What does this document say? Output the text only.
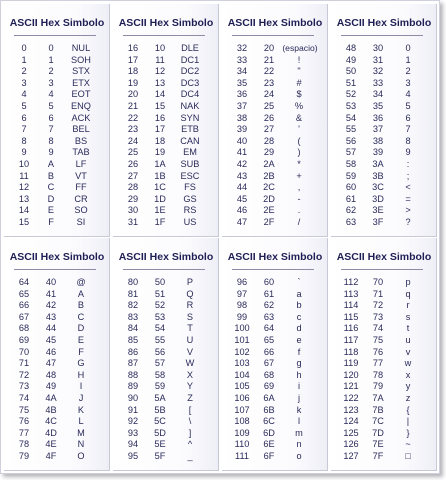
ASCII Hex Simbolo
0	0	NUL
1	1	SOH
2	2	STX
3	3	ETX
4	4	EOT
5	5	ENQ
6	6	ACK
7	7	BEL
8	8	BS
9	9	TAB
10	A	LF
11	B	VT
12	C	FF
13	D	CR
14	E	SO
15	F	SI
ASCII Hex Simbolo
16	10	DLE
17	11	DC1
18	12	DC2
19	13	DC3
20	14	DC4
21	15	NAK
22	16	SYN
23	17	ETB
24	18	CAN
25	19	EM
26	1A	SUB
27	1B	ESC
28	1C	FS
29	1D	GS
30	1E	RS
31	1F	US
ASCII Hex Simbolo
32	20 (espacio)
33	21	!
34	22	"
35	23	#
36	24	$
37	25	%
38	26	&
39	27	'
40	28	(
41	29	)
42	2A	*
43	2B	+
44	2C	,
45	2D	-
46	2E	.
47	2F	/
ASCII Hex Simbolo
48	30	0
49	31	1
50	32	2
51	33	3
52	34	4
53	35	5
54	36	6
55	37	7
56	38	8
57	39	9
58	3A	:
59	3B	;
60	3C	<
61	3D	=
62	3E	>
63	3F	?
ASCII Hex Simbolo
64	40	@
65	41	A
66	42	B
67	43	C
68	44	D
69	45	E
70	46	F
71	47	G
72	48	H
73	49	I
74	4A	J
75	4B	K
76	4C	L
77	4D	M
78	4E	N
79	4F	O
ASCII Hex Simbolo
80	50	P
81	51	Q
82	52	R
83	53	S
84	54	T
85	55	U
86	56	V
87	57	W
88	58	X
89	59	Y
90	5A	Z
91	5B	[
92	5C	\
93	5D	]
94	5E	^
95	5F	_
ASCII Hex Simbolo
96	60	`
97	61	a
98	62	b
99	63	c
100	64	d
101	65	e
102	66	f
103	67	g
104	68	h
105	69	i
106	6A	j
107	6B	k
108	6C	l
109	6D	m
110	6E	n
111	6F	o
ASCII Hex Simbolo
112	70	p
113	71	q
114	72	r
115	73	s
116	74	t
117	75	u
118	76	v
119	77	w
120	78	x
121	79	y
122	7A	z
123	7B	{
124	7C	|
125	7D	}
126	7E	~
127	7F	□
